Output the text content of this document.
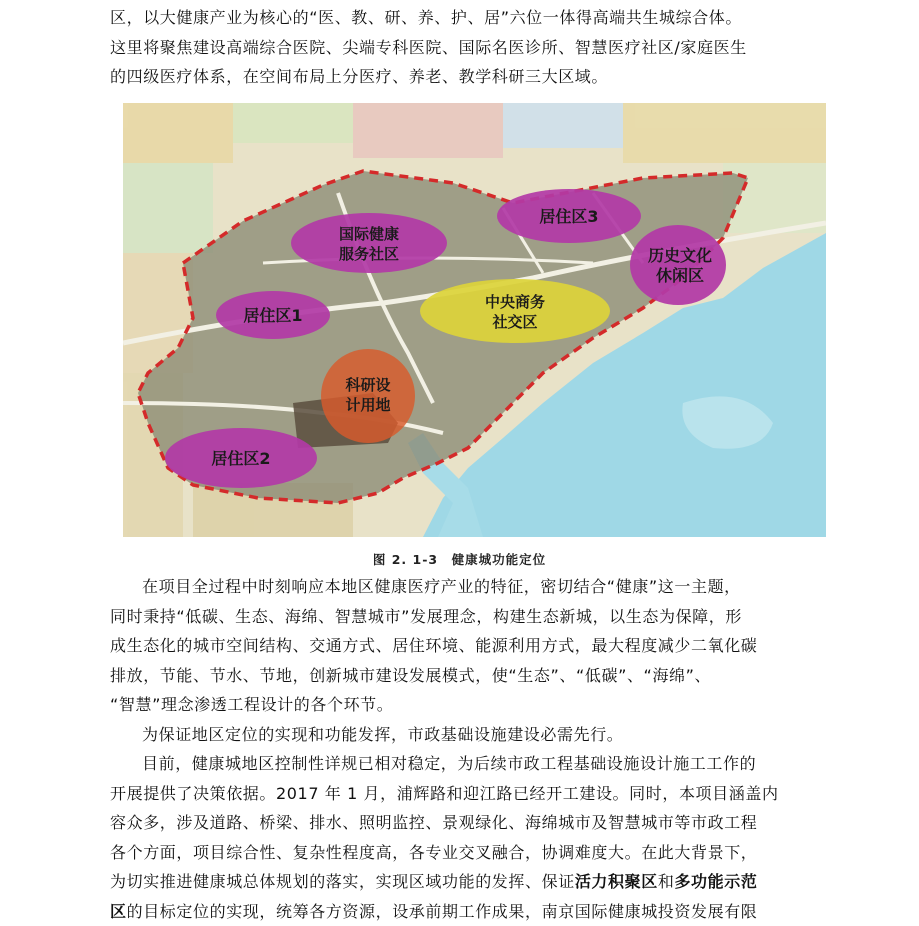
区，以大健康产业为核心的“医、教、研、养、护、居”六位一体得高端共生城综合体。

这里将聚焦建设高端综合医院、尖端专科医院、国际名医诊所、智慧医疗社区/家庭医生

的四级医疗体系，在空间布局上分医疗、养老、教学科研三大区域。

国际健康
服务社区
居住区3
历史文化
休闲区
居住区1
中央商务
社交区
科研设
计用地
居住区2
图 2. 1-3　健康城功能定位

在项目全过程中时刻响应本地区健康医疗产业的特征，密切结合“健康”这一主题，

同时秉持“低碳、生态、海绵、智慧城市”发展理念，构建生态新城，以生态为保障，形

成生态化的城市空间结构、交通方式、居住环境、能源利用方式，最大程度减少二氧化碳

排放，节能、节水、节地，创新城市建设发展模式，使“生态”、“低碳”、“海绵”、

“智慧”理念渗透工程设计的各个环节。

为保证地区定位的实现和功能发挥，市政基础设施建设必需先行。

目前，健康城地区控制性详规已相对稳定，为后续市政工程基础设施设计施工工作的

开展提供了决策依据。2017 年 1 月，浦辉路和迎江路已经开工建设。同时，本项目涵盖内

容众多，涉及道路、桥梁、排水、照明监控、景观绿化、海绵城市及智慧城市等市政工程

各个方面，项目综合性、复杂性程度高，各专业交叉融合，协调难度大。在此大背景下，

为切实推进健康城总体规划的落实，实现区域功能的发挥、保证活力积聚区和多功能示范

区的目标定位的实现，统筹各方资源，设承前期工作成果，南京国际健康城投资发展有限
